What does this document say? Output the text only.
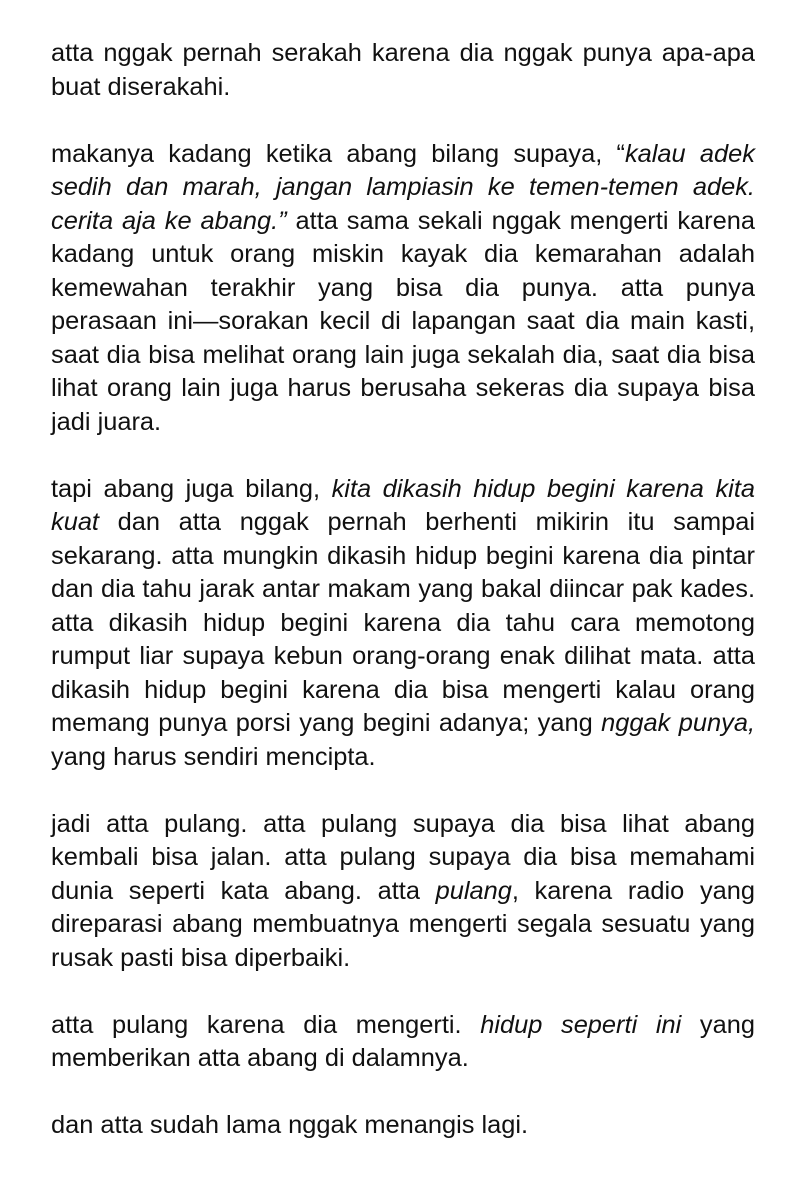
atta nggak pernah serakah karena dia nggak punya apa-apa buat diserakahi.

makanya kadang ketika abang bilang supaya, “kalau adek sedih dan marah, jangan lampiasin ke temen-temen adek. cerita aja ke abang.” atta sama sekali nggak mengerti karena kadang untuk orang miskin kayak dia kemarahan adalah kemewahan terakhir yang bisa dia punya. atta punya perasaan ini—sorakan kecil di lapangan saat dia main kasti, saat dia bisa melihat orang lain juga sekalah dia, saat dia bisa lihat orang lain juga harus berusaha sekeras dia supaya bisa jadi juara.

tapi abang juga bilang, kita dikasih hidup begini karena kita kuat dan atta nggak pernah berhenti mikirin itu sampai sekarang. atta mungkin dikasih hidup begini karena dia pintar dan dia tahu jarak antar makam yang bakal diincar pak kades. atta dikasih hidup begini karena dia tahu cara memotong rumput liar supaya kebun orang-orang enak dilihat mata. atta dikasih hidup begini karena dia bisa mengerti kalau orang memang punya porsi yang begini adanya; yang nggak punya, yang harus sendiri mencipta.

jadi atta pulang. atta pulang supaya dia bisa lihat abang kembali bisa jalan. atta pulang supaya dia bisa memahami dunia seperti kata abang. atta pulang, karena radio yang direparasi abang membuatnya mengerti segala sesuatu yang rusak pasti bisa diperbaiki.

atta pulang karena dia mengerti. hidup seperti ini yang memberikan atta abang di dalamnya.

dan atta sudah lama nggak menangis lagi.
